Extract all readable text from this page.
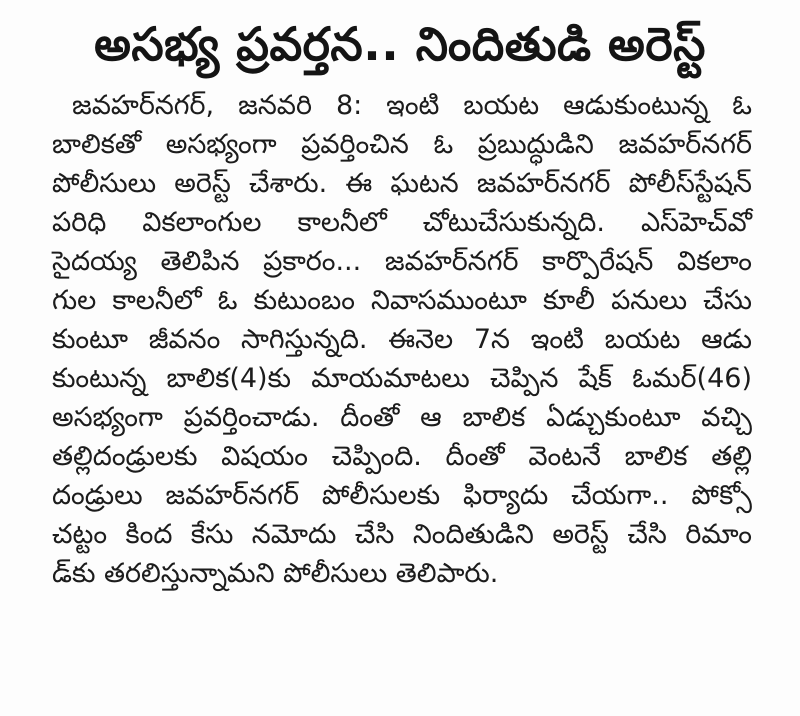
అసభ్య ప్రవర్తన.. నిందితుడి అరెస్ట్
జవహర్‌నగర్, జనవరి 8: ఇంటి బయట ఆడుకుంటున్న ఓ
బాలికతో అసభ్యంగా ప్రవర్తించిన ఓ ప్రబుద్ధుడిని జవహర్‌నగర్
పోలీసులు అరెస్ట్ చేశారు. ఈ ఘటన జవహర్‌నగర్ పోలీస్‌స్టేషన్
పరిధి వికలాంగుల కాలనీలో చోటుచేసుకున్నది. ఎస్‌హెచ్‌వో
సైదయ్య తెలిపిన ప్రకారం... జవహర్‌నగర్ కార్పొరేషన్ వికలాం
గుల కాలనీలో ఓ కుటుంబం నివాసముంటూ కూలీ పనులు చేసు
కుంటూ జీవనం సాగిస్తున్నది. ఈనెల 7న ఇంటి బయట ఆడు
కుంటున్న బాలిక(4)కు మాయమాటలు చెప్పిన షేక్ ఓమర్(46)
అసభ్యంగా ప్రవర్తించాడు. దీంతో ఆ బాలిక ఏడ్చుకుంటూ వచ్చి
తల్లిదండ్రులకు విషయం చెప్పింది. దీంతో వెంటనే బాలిక తల్లి
దండ్రులు జవహర్‌నగర్ పోలీసులకు ఫిర్యాదు చేయగా.. పోక్సో
చట్టం కింద కేసు నమోదు చేసి నిందితుడిని అరెస్ట్ చేసి రిమాం
డ్‌కు తరలిస్తున్నామని పోలీసులు తెలిపారు.
